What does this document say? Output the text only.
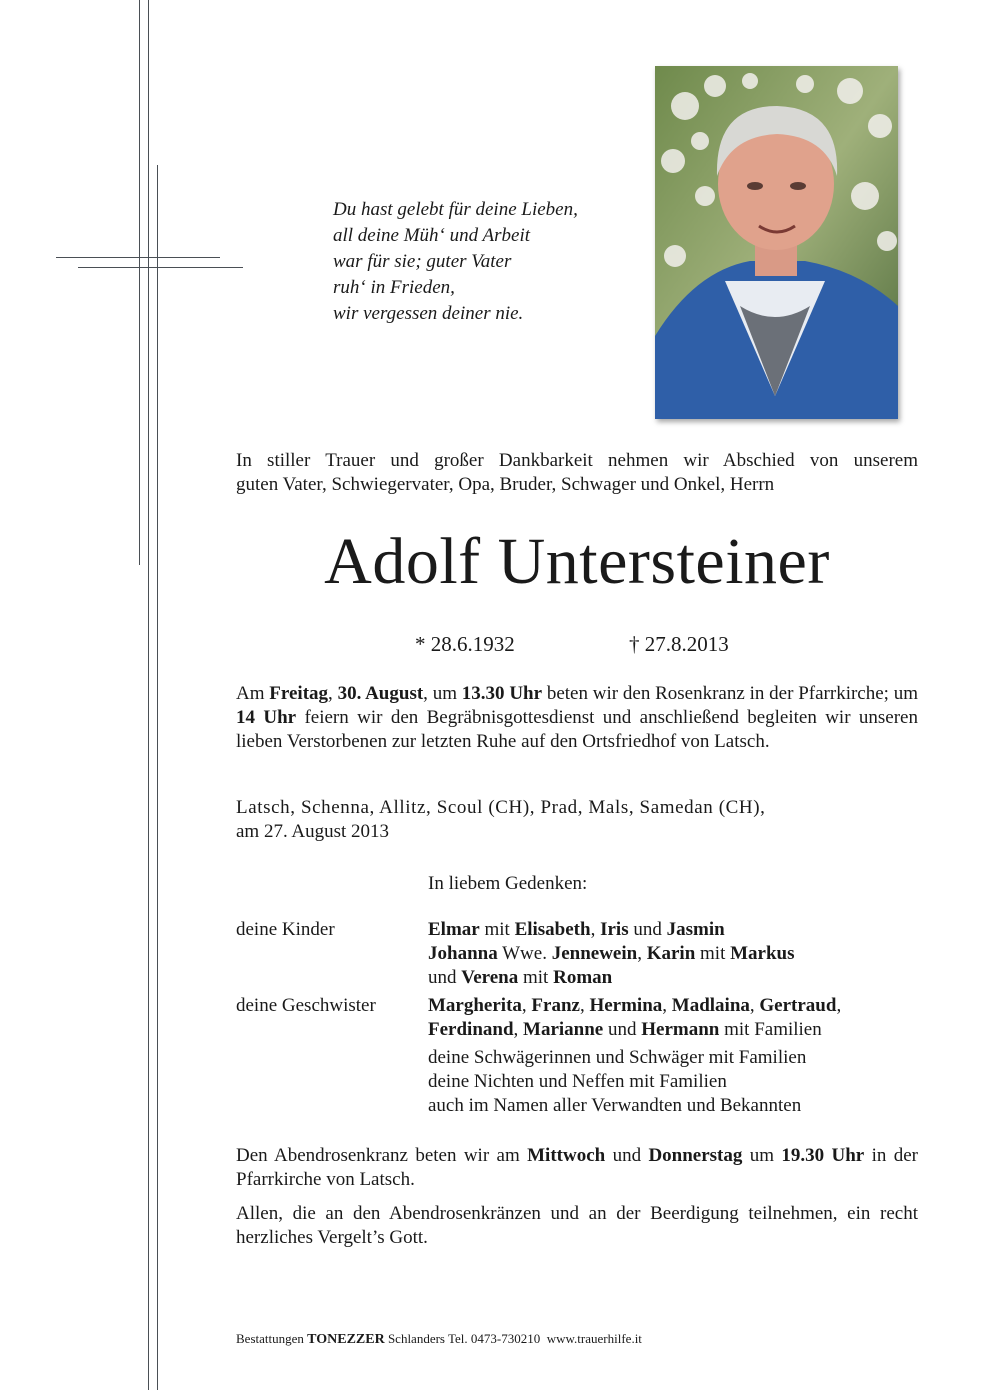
Du hast gelebt für deine Lieben,
all deine Müh‘ und Arbeit
war für sie; guter Vater
ruh‘ in Frieden,
wir vergessen deiner nie.
In stiller Trauer und großer Dankbarkeit nehmen wir Abschied von unserem
guten Vater, Schwiegervater, Opa, Bruder, Schwager und Onkel, Herrn
Adolf Untersteiner
* 28.6.1932	† 27.8.2013
Am Freitag, 30. August, um 13.30 Uhr beten wir den Rosenkranz in der Pfarrkirche; um 14 Uhr feiern wir den Begräbnisgottesdienst und anschließend begleiten wir unseren lieben Verstorbenen zur letzten Ruhe auf den Ortsfriedhof von Latsch.
Latsch, Schenna, Allitz, Scoul (CH), Prad, Mals, Samedan (CH),
am 27. August 2013
In liebem Gedenken:
deine Kinder	Elmar mit Elisabeth, Iris und Jasmin
Johanna Wwe. Jennewein, Karin mit Markus
und Verena mit Roman
deine Geschwister	Margherita, Franz, Hermina, Madlaina, Gertraud,
Ferdinand, Marianne und Hermann mit Familien
deine Schwägerinnen und Schwäger mit Familien
deine Nichten und Neffen mit Familien
auch im Namen aller Verwandten und Bekannten
Den Abendrosenkranz beten wir am Mittwoch und Donnerstag um 19.30 Uhr in der Pfarrkirche von Latsch.
Allen, die an den Abendrosenkränzen und an der Beerdigung teilnehmen, ein recht herzliches Vergelt’s Gott.
Bestattungen TONEZZER Schlanders Tel. 0473-730210  www.trauerhilfe.it
